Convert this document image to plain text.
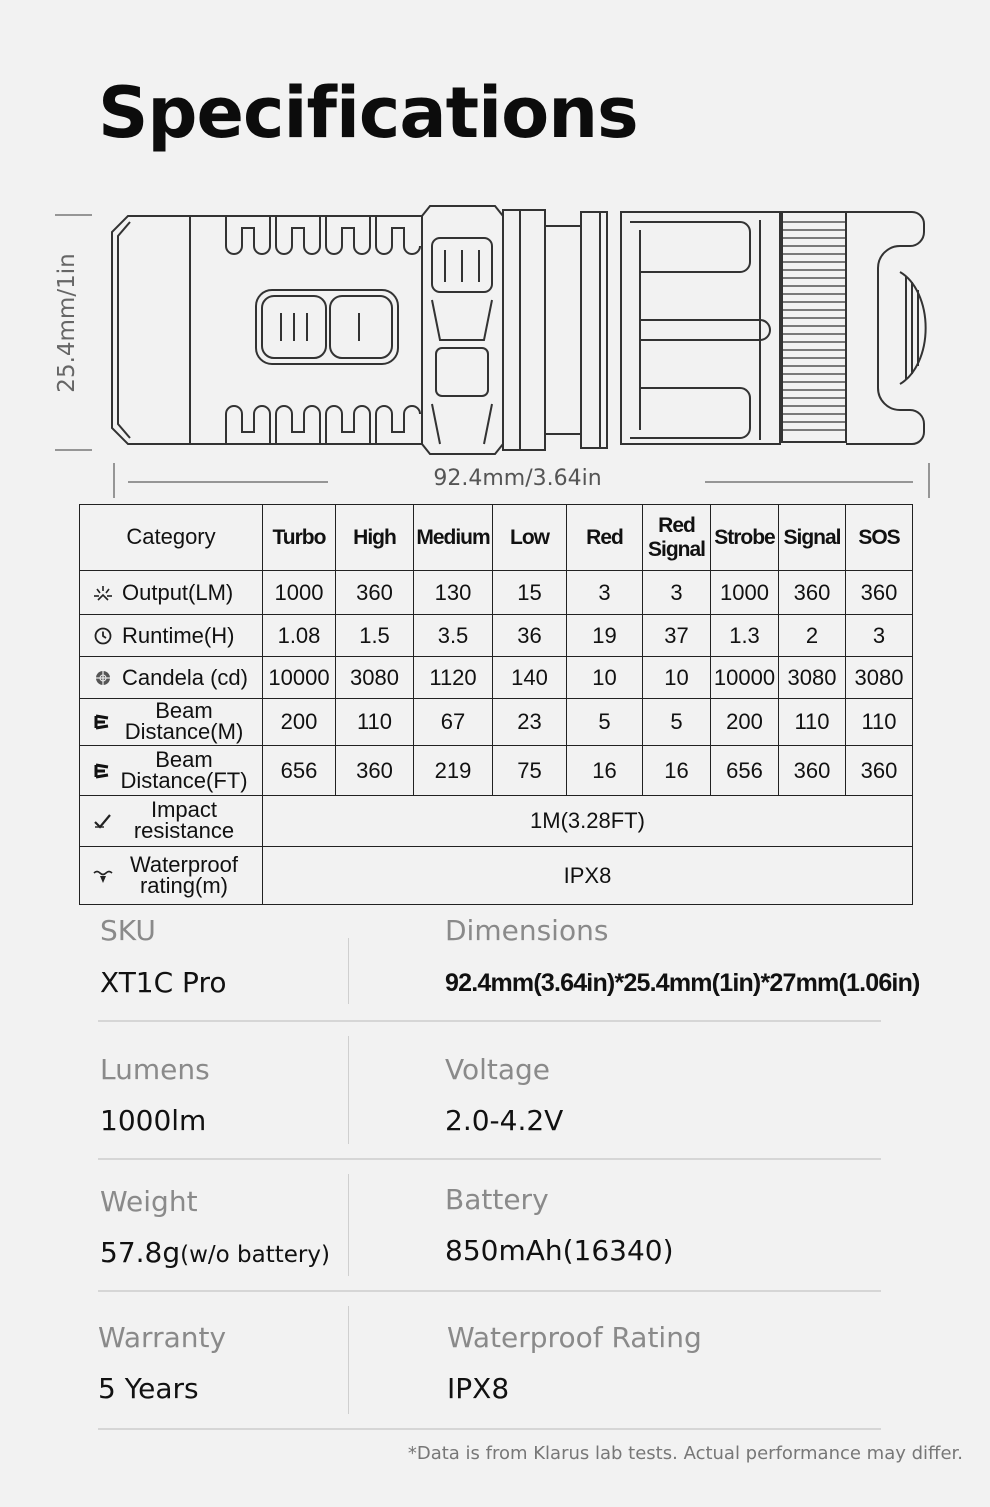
Specifications
25.4mm/1in
92.4mm/3.64in
Category	Turbo	High	Medium	Low	Red	Red Signal	Strobe	Signal	SOS

Output(LM)	1000	360	130	15	3	3	1000	360	360

Runtime(H)	1.08	1.5	3.5	36	19	37	1.3	2	3

Candela (cd)	10000	3080	1120	140	10	10	10000	3080	3080

Beam
Distance(M)	200	110	67	23	5	5	200	110	110

Beam
Distance(FT)	656	360	219	75	16	16	656	360	360

Impact
resistance	1M(3.28FT)								

Waterproof
rating(m)	IPX8								
SKU
XT1C Pro
Dimensions
92.4mm(3.64in)*25.4mm(1in)*27mm(1.06in)
Lumens
1000lm
Voltage
2.0-4.2V
Weight
57.8g(w/o battery)
Battery
850mAh(16340)
Warranty
5 Years
Waterproof Rating
IPX8
*Data is from Klarus lab tests. Actual performance may differ.
